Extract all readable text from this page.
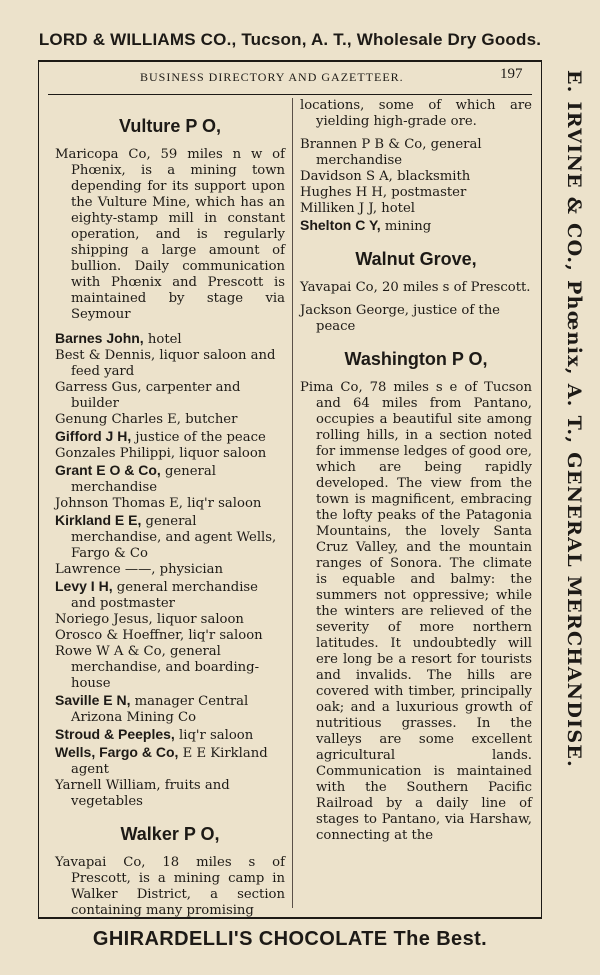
LORD & WILLIAMS CO., Tucson, A. T., Wholesale Dry Goods.
BUSINESS DIRECTORY AND GAZETTEER.	197 E. IRVINE & CO., Phœnix, A. T., GENERAL MERCHANDISE.
Vulture P O,

Maricopa Co, 59 miles n w of Phœnix, is a mining town depending for its support upon the Vulture Mine, which has an eighty-stamp mill in constant operation, and is regularly shipping a large amount of bullion. Daily communication with Phœnix and Prescott is maintained by stage via Seymour

Barnes John, hotel

Best & Dennis, liquor saloon and feed yard

Garress Gus, carpenter and builder

Genung Charles E, butcher

Gifford J H, justice of the peace

Gonzales Philippi, liquor saloon

Grant E O & Co, general merchandise

Johnson Thomas E, liq'r saloon

Kirkland E E, general merchandise, and agent Wells, Fargo & Co

Lawrence ——, physician

Levy I H, general merchandise and postmaster

Noriego Jesus, liquor saloon

Orosco & Hoeffner, liq'r saloon

Rowe W A & Co, general merchandise, and boarding-house

Saville E N, manager Central Arizona Mining Co

Stroud & Peeples, liq'r saloon

Wells, Fargo & Co, E E Kirkland agent

Yarnell William, fruits and vegetables

Walker P O,

Yavapai Co, 18 miles s of Prescott, is a mining camp in Walker District, a section containing many promising

locations, some of which are yielding high-grade ore.

Brannen P B & Co, general merchandise

Davidson S A, blacksmith

Hughes H H, postmaster

Milliken J J, hotel

Shelton C Y, mining

Walnut Grove,

Yavapai Co, 20 miles s of Prescott.

Jackson George, justice of the peace

Washington P O,

Pima Co, 78 miles s e of Tucson and 64 miles from Pantano, occupies a beautiful site among rolling hills, in a section noted for immense ledges of good ore, which are being rapidly developed. The view from the town is magnificent, embracing the lofty peaks of the Patagonia Mountains, the lovely Santa Cruz Valley, and the mountain ranges of Sonora. The climate is equable and balmy: the summers not oppressive; while the winters are relieved of the severity of more northern latitudes. It undoubtedly will ere long be a resort for tourists and invalids. The hills are covered with timber, principally oak; and a luxurious growth of nutritious grasses. In the valleys are some excellent agricultural lands. Communication is maintained with the Southern Pacific Railroad by a daily line of stages to Pantano, via Harshaw, connecting at the

GHIRARDELLI'S CHOCOLATE The Best.
